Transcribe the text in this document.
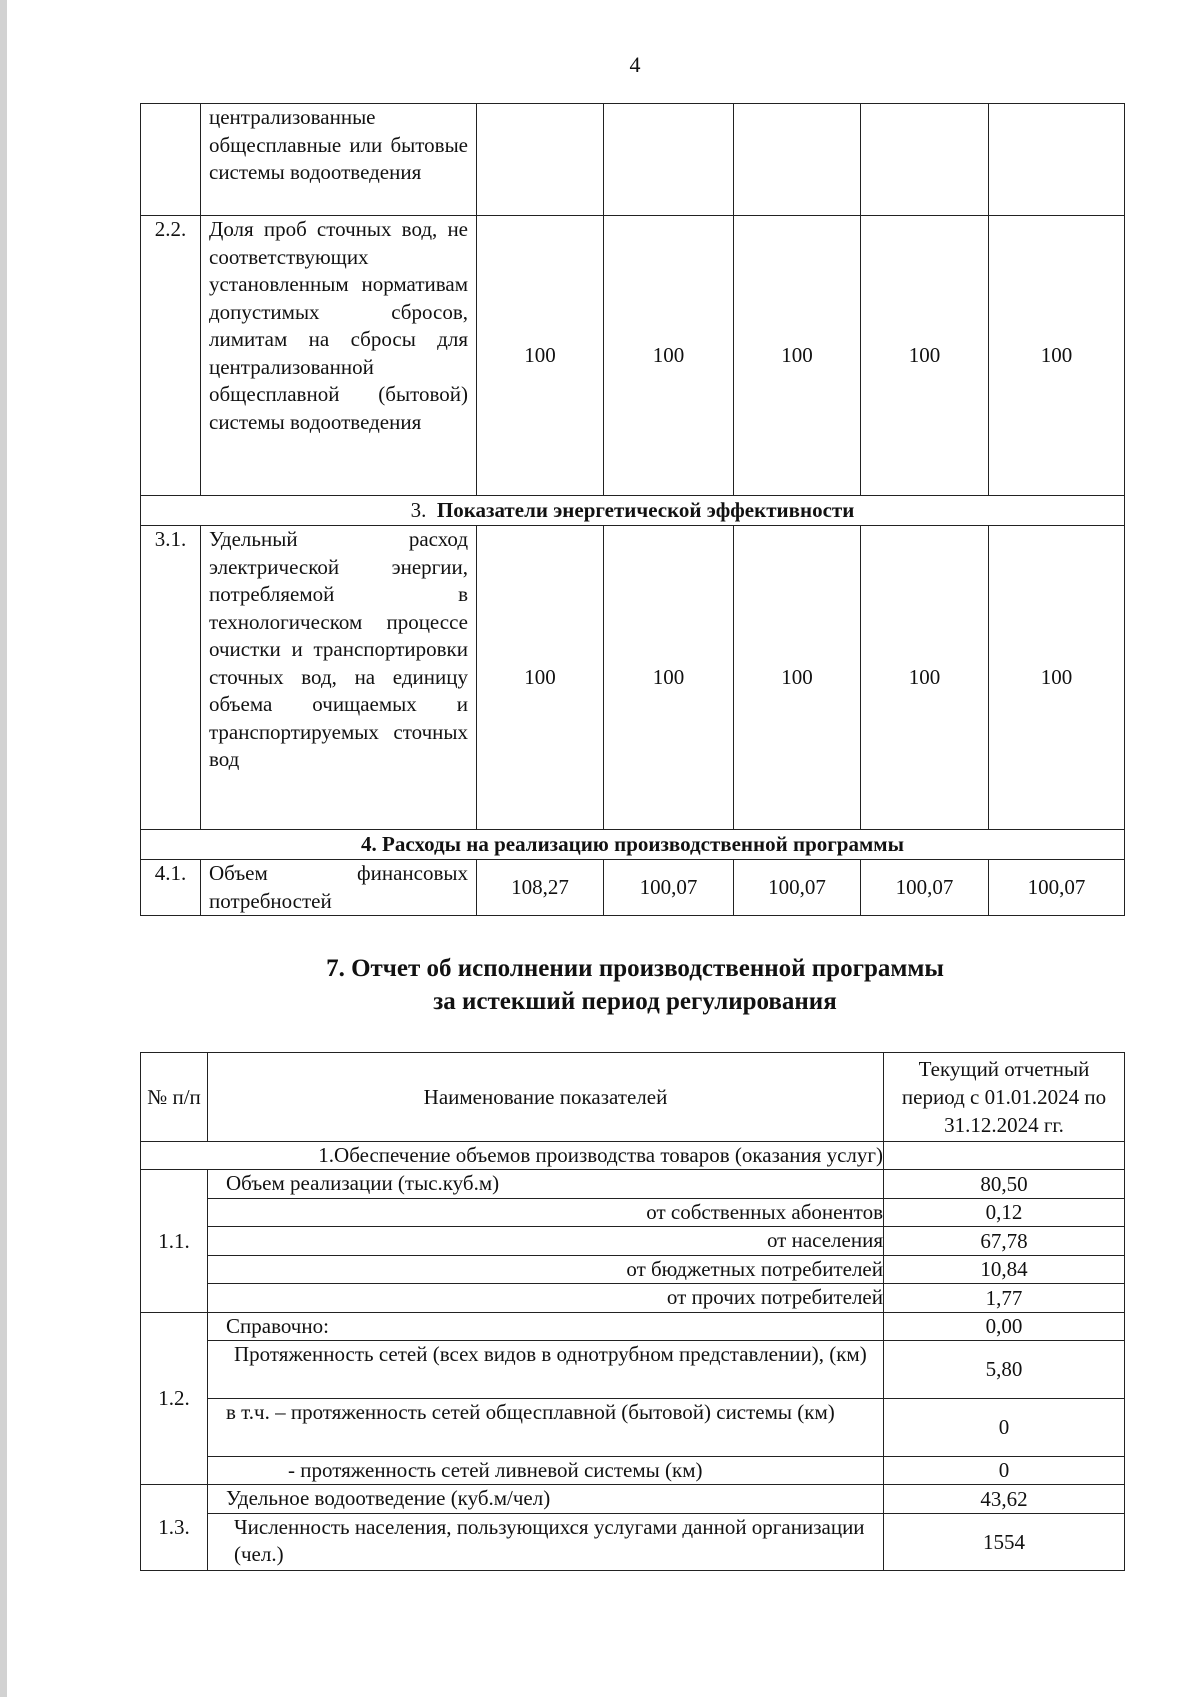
4
	централизованные общесплавные или бытовые системы водоотведения					
2.2.	Доля проб сточных вод, не соответствующих установленным нормативам допустимых сбросов, лимитам на сбросы для централизованной общесплавной (бытовой) системы водоотведения	100	100	100	100	100
3. Показатели энергетической эффективности						
3.1.	Удельный расход электрической энергии, потребляемой в технологическом процессе очистки и транспортировки сточных вод, на единицу объема очищаемых и транспортируемых сточных вод	100	100	100	100	100
4. Расходы на реализацию производственной программы						
4.1.	Объем финансовых потребностей	108,27	100,07	100,07	100,07	100,07
7. Отчет об исполнении производственной программы
за истекший период регулирования
№ п/п	Наименование показателей	Текущий отчетный период с 01.01.2024 по 31.12.2024 гг.
1.Обеспечение объемов производства товаров (оказания услуг)		
1.1.	Объем реализации (тыс.куб.м)	80,50
	от собственных абонентов	0,12
	от населения	67,78
	от бюджетных потребителей	10,84
	от прочих потребителей	1,77
1.2.	Справочно:	0,00
	Протяженность сетей (всех видов в однотрубном представлении), (км)	5,80
	в т.ч. – протяженность сетей общесплавной (бытовой) системы (км)	0
	- протяженность сетей ливневой системы (км)	0
1.3.	Удельное водоотведение (куб.м/чел)	43,62
	Численность населения, пользующихся услугами данной организации (чел.)	1554
